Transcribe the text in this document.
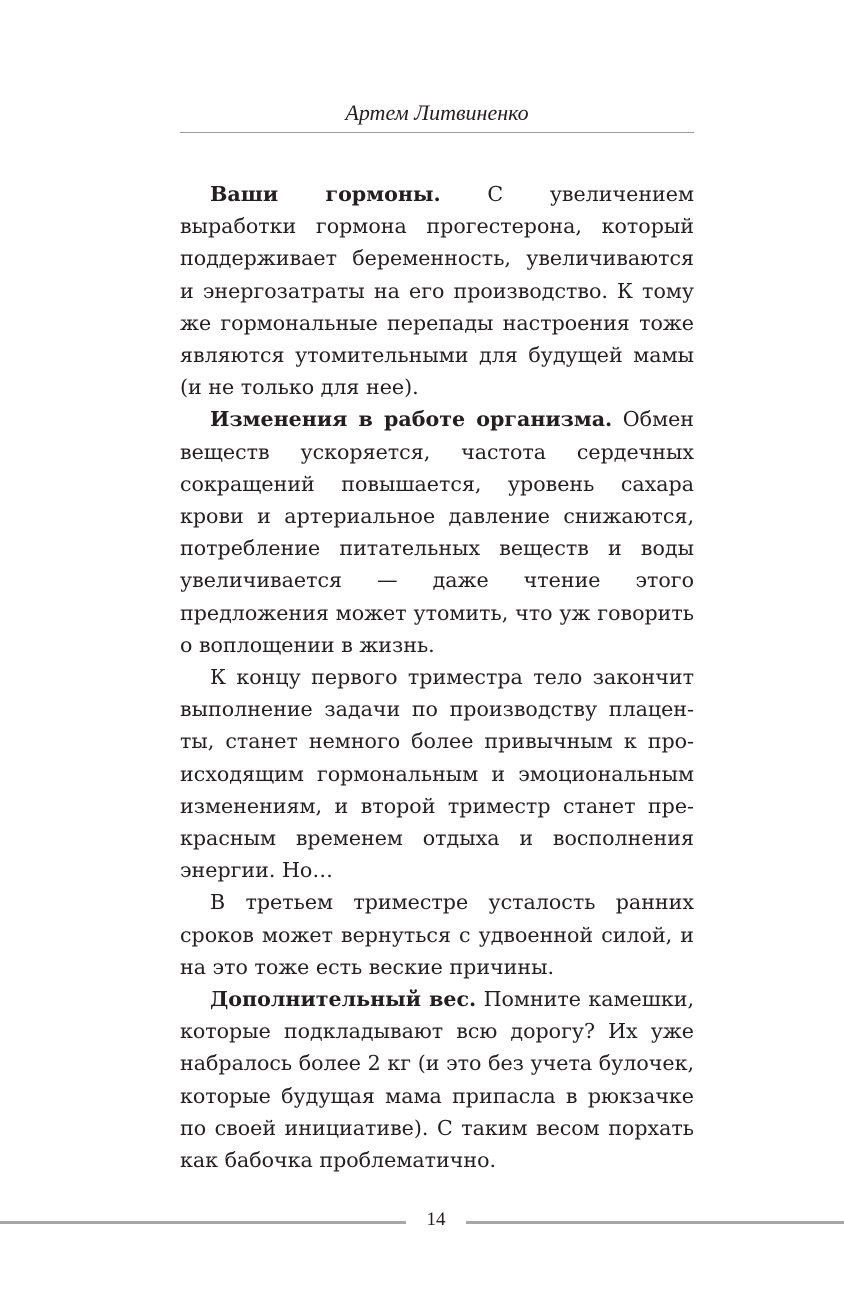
Артем Литвиненко

Ваши гормоны. С увеличением выработки гормона прогестерона, который поддерживает беременность, увеличиваются и энергозатраты на его производство. К тому же гормональные перепады настроения тоже являются утомительными для будущей мамы (и не только для нее).

Изменения в работе организма. Обмен веществ ускоряется, частота сердечных сокращений повышается, уровень сахара крови и артериальное давление снижаются, потребление питательных веществ и воды увеличивается — даже чтение этого предложения может утомить, что уж говорить о воплощении в жизнь.

К концу первого триместра тело закончит выполнение задачи по производству плаценты, станет немного более привычным к происходящим гормональным и эмоциональным изменениям, и второй триместр станет прекрасным временем отдыха и восполнения энергии. Но…

В третьем триместре усталость ранних сроков может вернуться с удвоенной силой, и на это тоже есть веские причины.

Дополнительный вес. Помните камешки, которые подкладывают всю дорогу? Их уже набралось более 2 кг (и это без учета булочек, которые будущая мама припасла в рюкзачке по своей инициативе). С таким весом порхать как бабочка проблематично.

14
